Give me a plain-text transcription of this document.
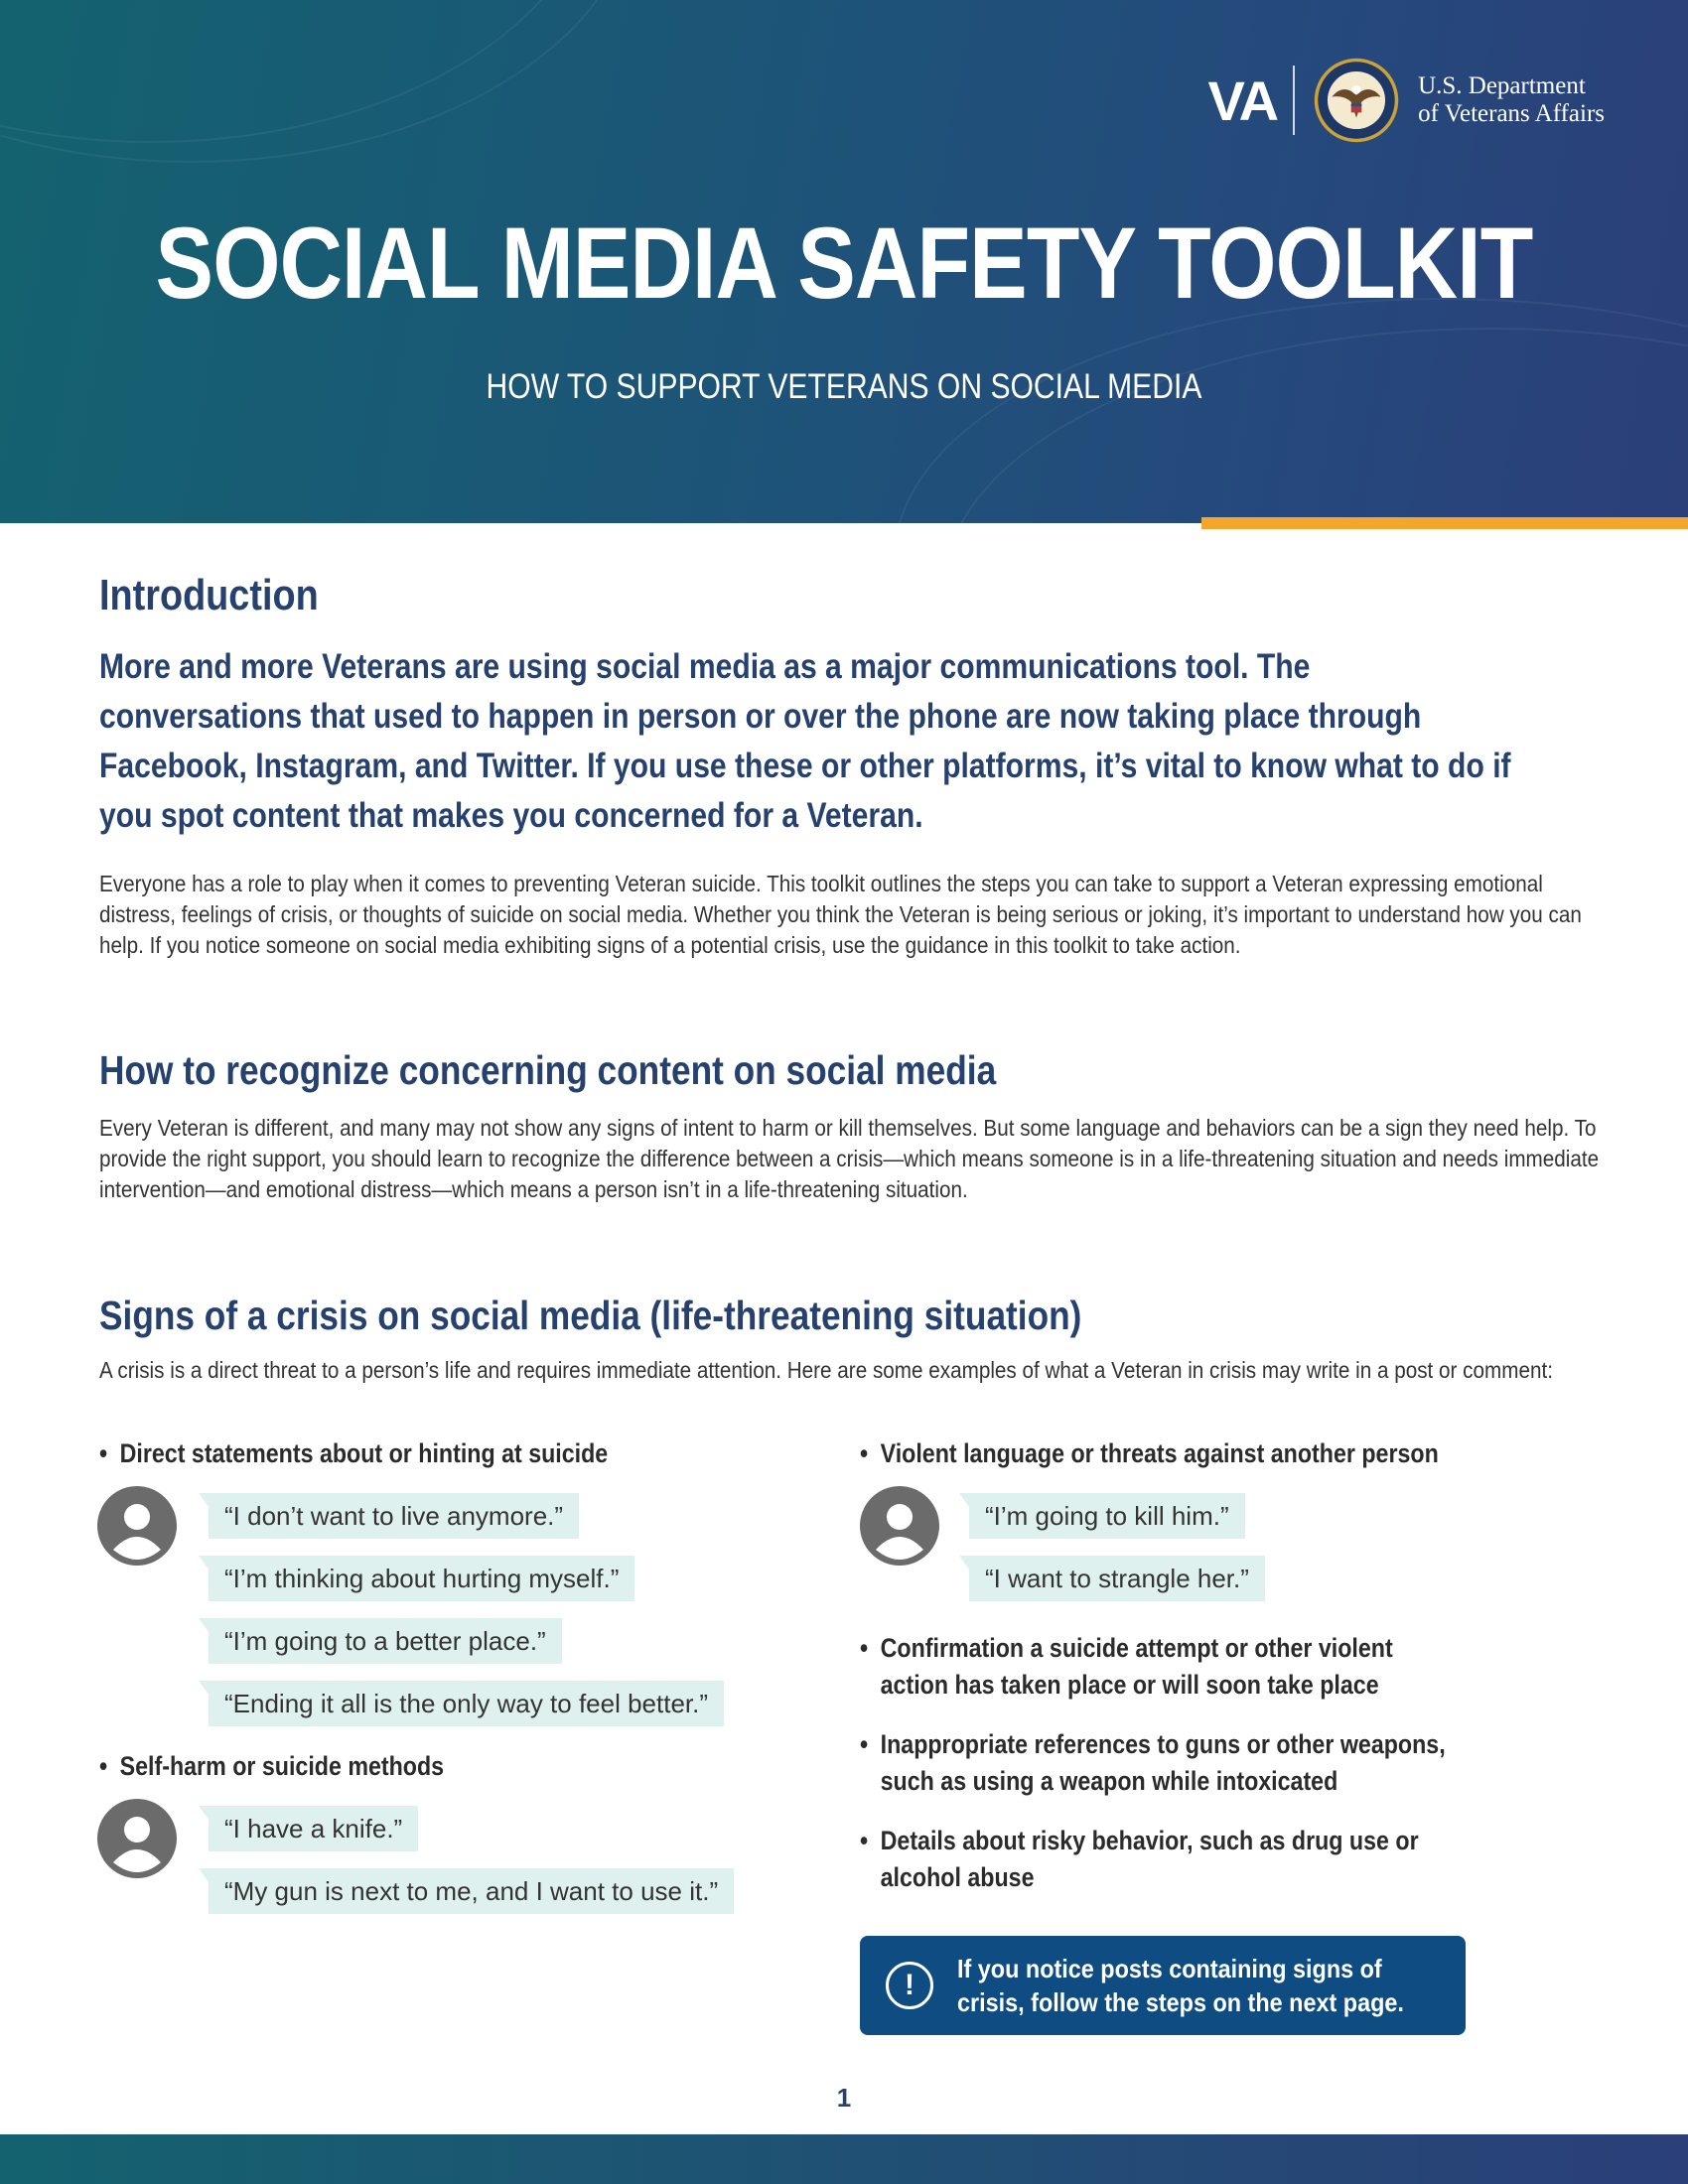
VA	U.S. Department
of Veterans Affairs
SOCIAL MEDIA SAFETY TOOLKIT
HOW TO SUPPORT VETERANS ON SOCIAL MEDIA
Introduction
More and more Veterans are using social media as a major communications tool. The conversations that used to happen in person or over the phone are now taking place through Facebook, Instagram, and Twitter. If you use these or other platforms, it’s vital to know what to do if you spot content that makes you concerned for a Veteran.
Everyone has a role to play when it comes to preventing Veteran suicide. This toolkit outlines the steps you can take to support a Veteran expressing emotional distress, feelings of crisis, or thoughts of suicide on social media. Whether you think the Veteran is being serious or joking, it’s important to understand how you can help. If you notice someone on social media exhibiting signs of a potential crisis, use the guidance in this toolkit to take action.
How to recognize concerning content on social media
Every Veteran is different, and many may not show any signs of intent to harm or kill themselves. But some language and behaviors can be a sign they need help. To provide the right support, you should learn to recognize the difference between a crisis—which means someone is in a life-threatening situation and needs immediate intervention—and emotional distress—which means a person isn’t in a life-threatening situation.
Signs of a crisis on social media (life-threatening situation)
A crisis is a direct threat to a person’s life and requires immediate attention. Here are some examples of what a Veteran in crisis may write in a post or comment:
• Direct statements about or hinting at suicide
“I don’t want to live anymore.”
“I’m thinking about hurting myself.”
“I’m going to a better place.”
“Ending it all is the only way to feel better.”
• Self-harm or suicide methods
“I have a knife.”
“My gun is next to me, and I want to use it.”
• Violent language or threats against another person
“I’m going to kill him.”
“I want to strangle her.”
• Confirmation a suicide attempt or other violent
action has taken place or will soon take place
• Inappropriate references to guns or other weapons,
such as using a weapon while intoxicated
• Details about risky behavior, such as drug use or
alcohol abuse
!	If you notice posts containing signs of
crisis, follow the steps on the next page.
1
